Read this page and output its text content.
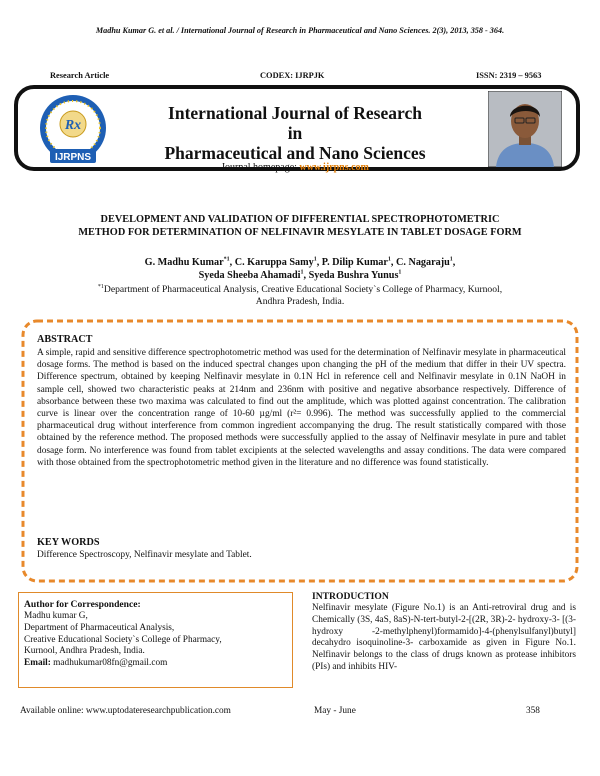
Madhu Kumar G. et al. / International Journal of Research in Pharmaceutical and Nano Sciences. 2(3), 2013, 358 - 364.
Research Article	CODEX: IJRPJK	ISSN: 2319 – 9563
Rx
IJRPNS
International Journal of Research
in
Pharmaceutical and Nano Sciences
Journal homepage: www.ijrpns.com
DEVELOPMENT AND VALIDATION OF DIFFERENTIAL SPECTROPHOTOMETRIC
METHOD FOR DETERMINATION OF NELFINAVIR MESYLATE IN TABLET DOSAGE FORM
G. Madhu Kumar$^{*1}$, C. Karuppa Samy$^1$, P. Dilip Kumar$^1$, C. Nagaraju$^1$,
Syeda Sheeba Ahamadi$^1$, Syeda Bushra Yunus$^1$
$^{*1}$Department of Pharmaceutical Analysis, Creative Educational Society`s College of Pharmacy, Kurnool,
Andhra Pradesh, India.
ABSTRACT
A simple, rapid and sensitive difference spectrophotometric method was used for the determination of Nelfinavir mesylate in pharmaceutical dosage forms. The method is based on the induced spectral changes upon changing the pH of the medium that differ in their UV spectra. Difference spectrum, obtained by keeping Nelfinavir mesylate in 0.1N Hcl in reference cell and Nelfinavir mesylate in 0.1N NaOH in sample cell, showed two characteristic peaks at 214nm and 236nm with positive and negative absorbance respectively. Difference of absorbance between these two maxima was calculated to find out the amplitude, which was plotted against concentration. The calibration curve is linear over the concentration range of 10-60 µg/ml (r²= 0.996). The method was successfully applied to the commercial pharmaceutical drug without interference from common ingredient accompanying the drug. The result statistically compared with those obtained by the reference method. The proposed methods were successfully applied to the assay of Nelfinavir mesylate in pure and tablet dosage form. No interference was found from tablet excipients at the selected wavelengths and assay conditions. The data were compared with those obtained from the spectrophotometric method given in the literature and no difference was found statistically.
KEY WORDS
Difference Spectroscopy, Nelfinavir mesylate and Tablet.
Author for Correspondence:
Madhu kumar G,
Department of Pharmaceutical Analysis,
Creative Educational Society`s College of Pharmacy,
Kurnool, Andhra Pradesh, India.
Email: madhukumar08fn@gmail.com
INTRODUCTION
Nelfinavir mesylate (Figure No.1) is an Anti-retroviral drug and is Chemically (3S, 4aS, 8aS)-N-tert-butyl-2-[(2R, 3R)-2- hydroxy-3- [(3-hydroxy -2-methylphenyl)formamido]-4-(phenylsulfanyl)butyl] decahydro isoquinoline-3- carboxamide as given in Figure No.1. Nelfinavir belongs to the class of drugs known as protease inhibitors (PIs) and inhibits HIV-
Available online: www.uptodateresearchpublication.com	May - June	358
